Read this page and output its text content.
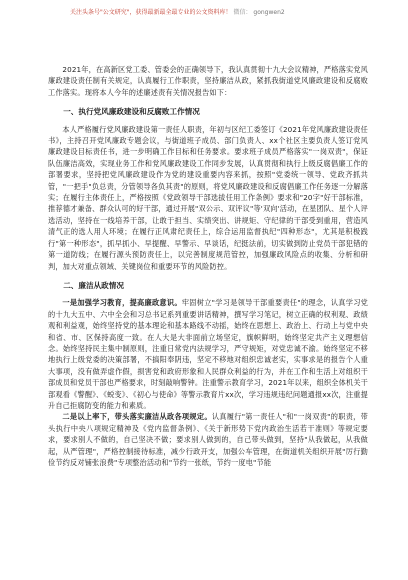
关注头条号"公文研究"，获得最新最全最专业的公文资料库！ 微信： gongwen2

2021年，在高新区党工委、管委会的正确领导下，我认真贯彻十九大会议精神，严格落实党风廉政建设责任制有关规定，认真履行工作职责，坚持廉洁从政，紧抓我街道党风廉政建设和反腐败工作落实。现将本人今年的述廉述责有关情况报告如下：

一、执行党风廉政建设和反腐败工作情况

本人严格履行党风廉政建设第一责任人职责，年初与区纪工委签订《2021年党风廉政建设责任书》，主持召开党风廉政专题会议，与街道班子成员、部门负责人、xx个社区主要负责人签订党风廉政建设目标责任书，进一步明确工作目标和任务要求。要求班子成员严格落实"一岗双责"，保证队伍廉洁高效，实现业务工作和党风廉政建设工作同步发展，认真贯彻和执行上级反腐倡廉工作的部署要求，坚持把党风廉政建设作为党的建设重要内容来抓，按照"党委统一领导、党政齐抓共管，"一把手"负总责，分管领导各负其责"的原则，将党风廉政建设和反腐倡廉工作任务逐一分解落实；在履行主体责任上，严格按照《党政领导干部选拔任用工作条例》要求和"20字"好干部标准，推荐德才兼备、群众认可的好干部，通过开展"双公示、双评议"等'双向'活动，在星团队、星个人评选活动，坚持在一线培养干部，让敢于担当、实绩突出、讲规矩、守纪律的干部受到重用，营造风清气正的选人用人环境；在履行正风肃纪责任上，综合运用监督执纪"四种形态"，尤其是积极践行"第一种形态"，抓早抓小、早提醒、早警示、早谈话，纪挺法前，切实做到防止党员干部犯错的第一道防线；在履行源头预防责任上，以完善制度规范管控，加强廉政风险点的收集、分析和研判，加大对重点领域、关键岗位和重要环节的风险防控。

二、廉洁从政情况

一是加强学习教育，提高廉政意识。牢固树立"学习是领导干部重要责任"的理念，认真学习党的十九大五中、六中全会和习总书记系列重要讲话精神，撰写学习笔记，树立正确的权利观、政绩观和利益观，始终坚持党的基本理论和基本路线不动摇，始终在思想上、政治上、行动上与党中央和省、市、区保持高度一致。在人大是大非面前立场坚定，旗帜鲜明，始终坚定共产主义理想信念。始终坚持民主集中制原则，注重日常党内法规学习，严守规矩，对党忠诚不渝。始终坚定不移地执行上级党委的决策部署，不搞阳奉阴违，坚定不移地对组织忠诚老实，实事求是的报告个人重大事项，没有做弄虚作假，损害党和政府形象和人民群众利益的行为，并在工作和生活上对组织干部成员和党员干部也严格要求，时刻敲响警钟。注重警示教育学习，2021年以来，组织全体机关干部观看《警醒》、《蜕变》、《初心与使命》等警示教育片xx次，学习违规违纪问题通报xx次，注重提升自己拒腐防变的能力和素质。

二是以上率下，带头落实廉洁从政各项规定。认真履行"第一责任人"和"一岗双责"的职责，带头执行中央八项规定精神及《党内监督条例》、《关于新形势下党内政治生活若干准则》等规定要求，要求别人不做的，自己坚决不做；要求别人做到的，自己带头做到，坚持"从我做起，从我做起，从严管理"，严格控制接待标准，减少行政开支，加强公车管理，在街道机关组织开展"厉行勤俭节约反对铺张浪费"专项整治活动和"节约一张纸，节约一度电"节能
